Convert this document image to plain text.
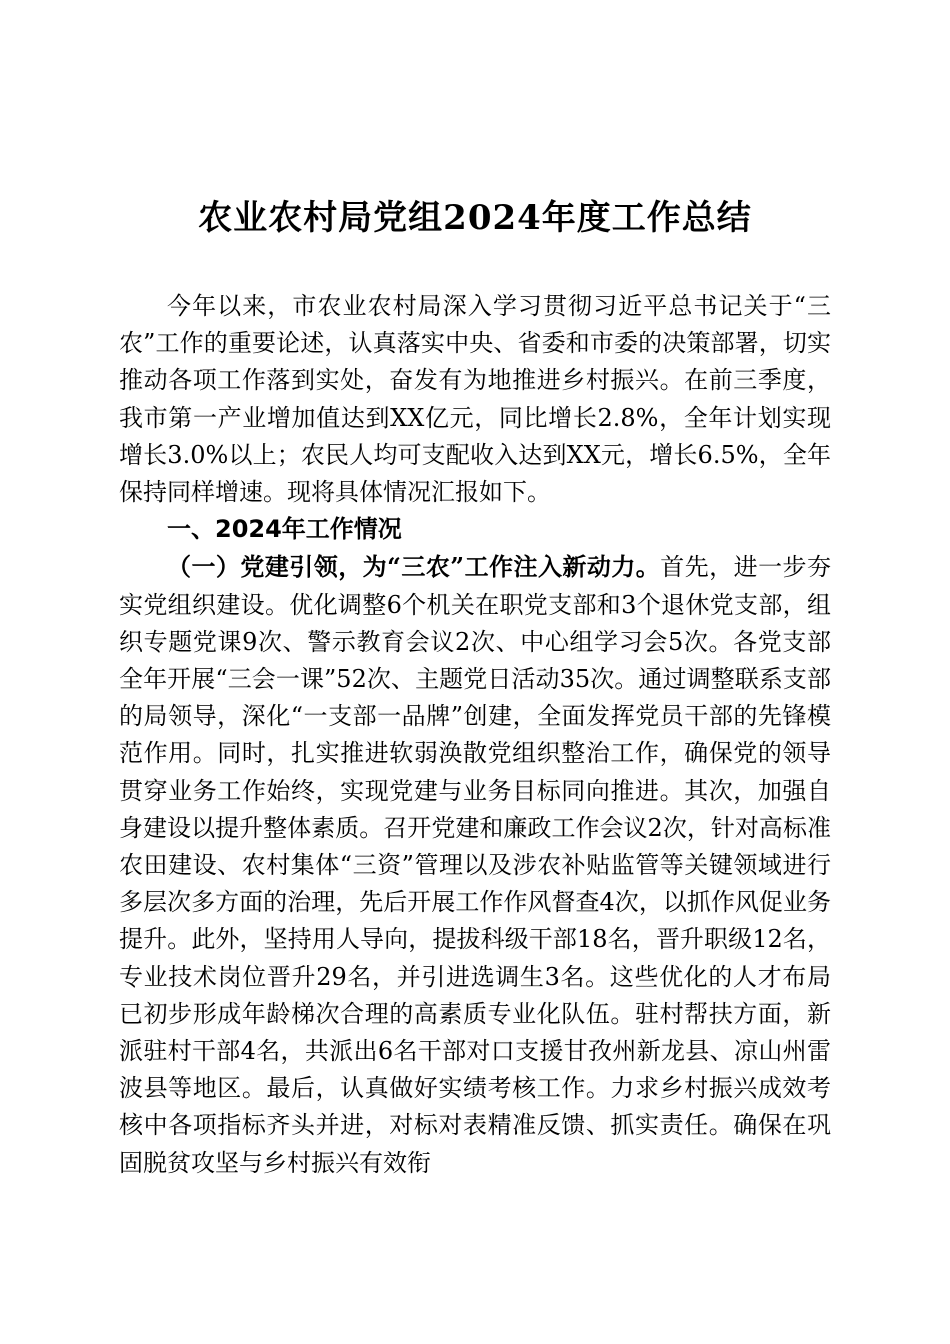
农业农村局党组2024年度工作总结

今年以来，市农业农村局深入学习贯彻习近平总书记关于“三农”工作的重要论述，认真落实中央、省委和市委的决策部署，切实推动各项工作落到实处，奋发有为地推进乡村振兴。在前三季度，我市第一产业增加值达到XX亿元，同比增长2.8%，全年计划实现增长3.0%以上；农民人均可支配收入达到XX元，增长6.5%，全年保持同样增速。现将具体情况汇报如下。

一、2024年工作情况

（一）党建引领，为“三农”工作注入新动力。首先，进一步夯实党组织建设。优化调整6个机关在职党支部和3个退休党支部，组织专题党课9次、警示教育会议2次、中心组学习会5次。各党支部全年开展“三会一课”52次、主题党日活动35次。通过调整联系支部的局领导，深化“一支部一品牌”创建，全面发挥党员干部的先锋模范作用。同时，扎实推进软弱涣散党组织整治工作，确保党的领导贯穿业务工作始终，实现党建与业务目标同向推进。其次，加强自身建设以提升整体素质。召开党建和廉政工作会议2次，针对高标准农田建设、农村集体“三资”管理以及涉农补贴监管等关键领域进行多层次多方面的治理，先后开展工作作风督查4次，以抓作风促业务提升。此外，坚持用人导向，提拔科级干部18名，晋升职级12名，专业技术岗位晋升29名，并引进选调生3名。这些优化的人才布局已初步形成年龄梯次合理的高素质专业化队伍。驻村帮扶方面，新派驻村干部4名，共派出6名干部对口支援甘孜州新龙县、凉山州雷波县等地区。最后，认真做好实绩考核工作。力求乡村振兴成效考核中各项指标齐头并进，对标对表精准反馈、抓实责任。确保在巩固脱贫攻坚与乡村振兴有效衔
